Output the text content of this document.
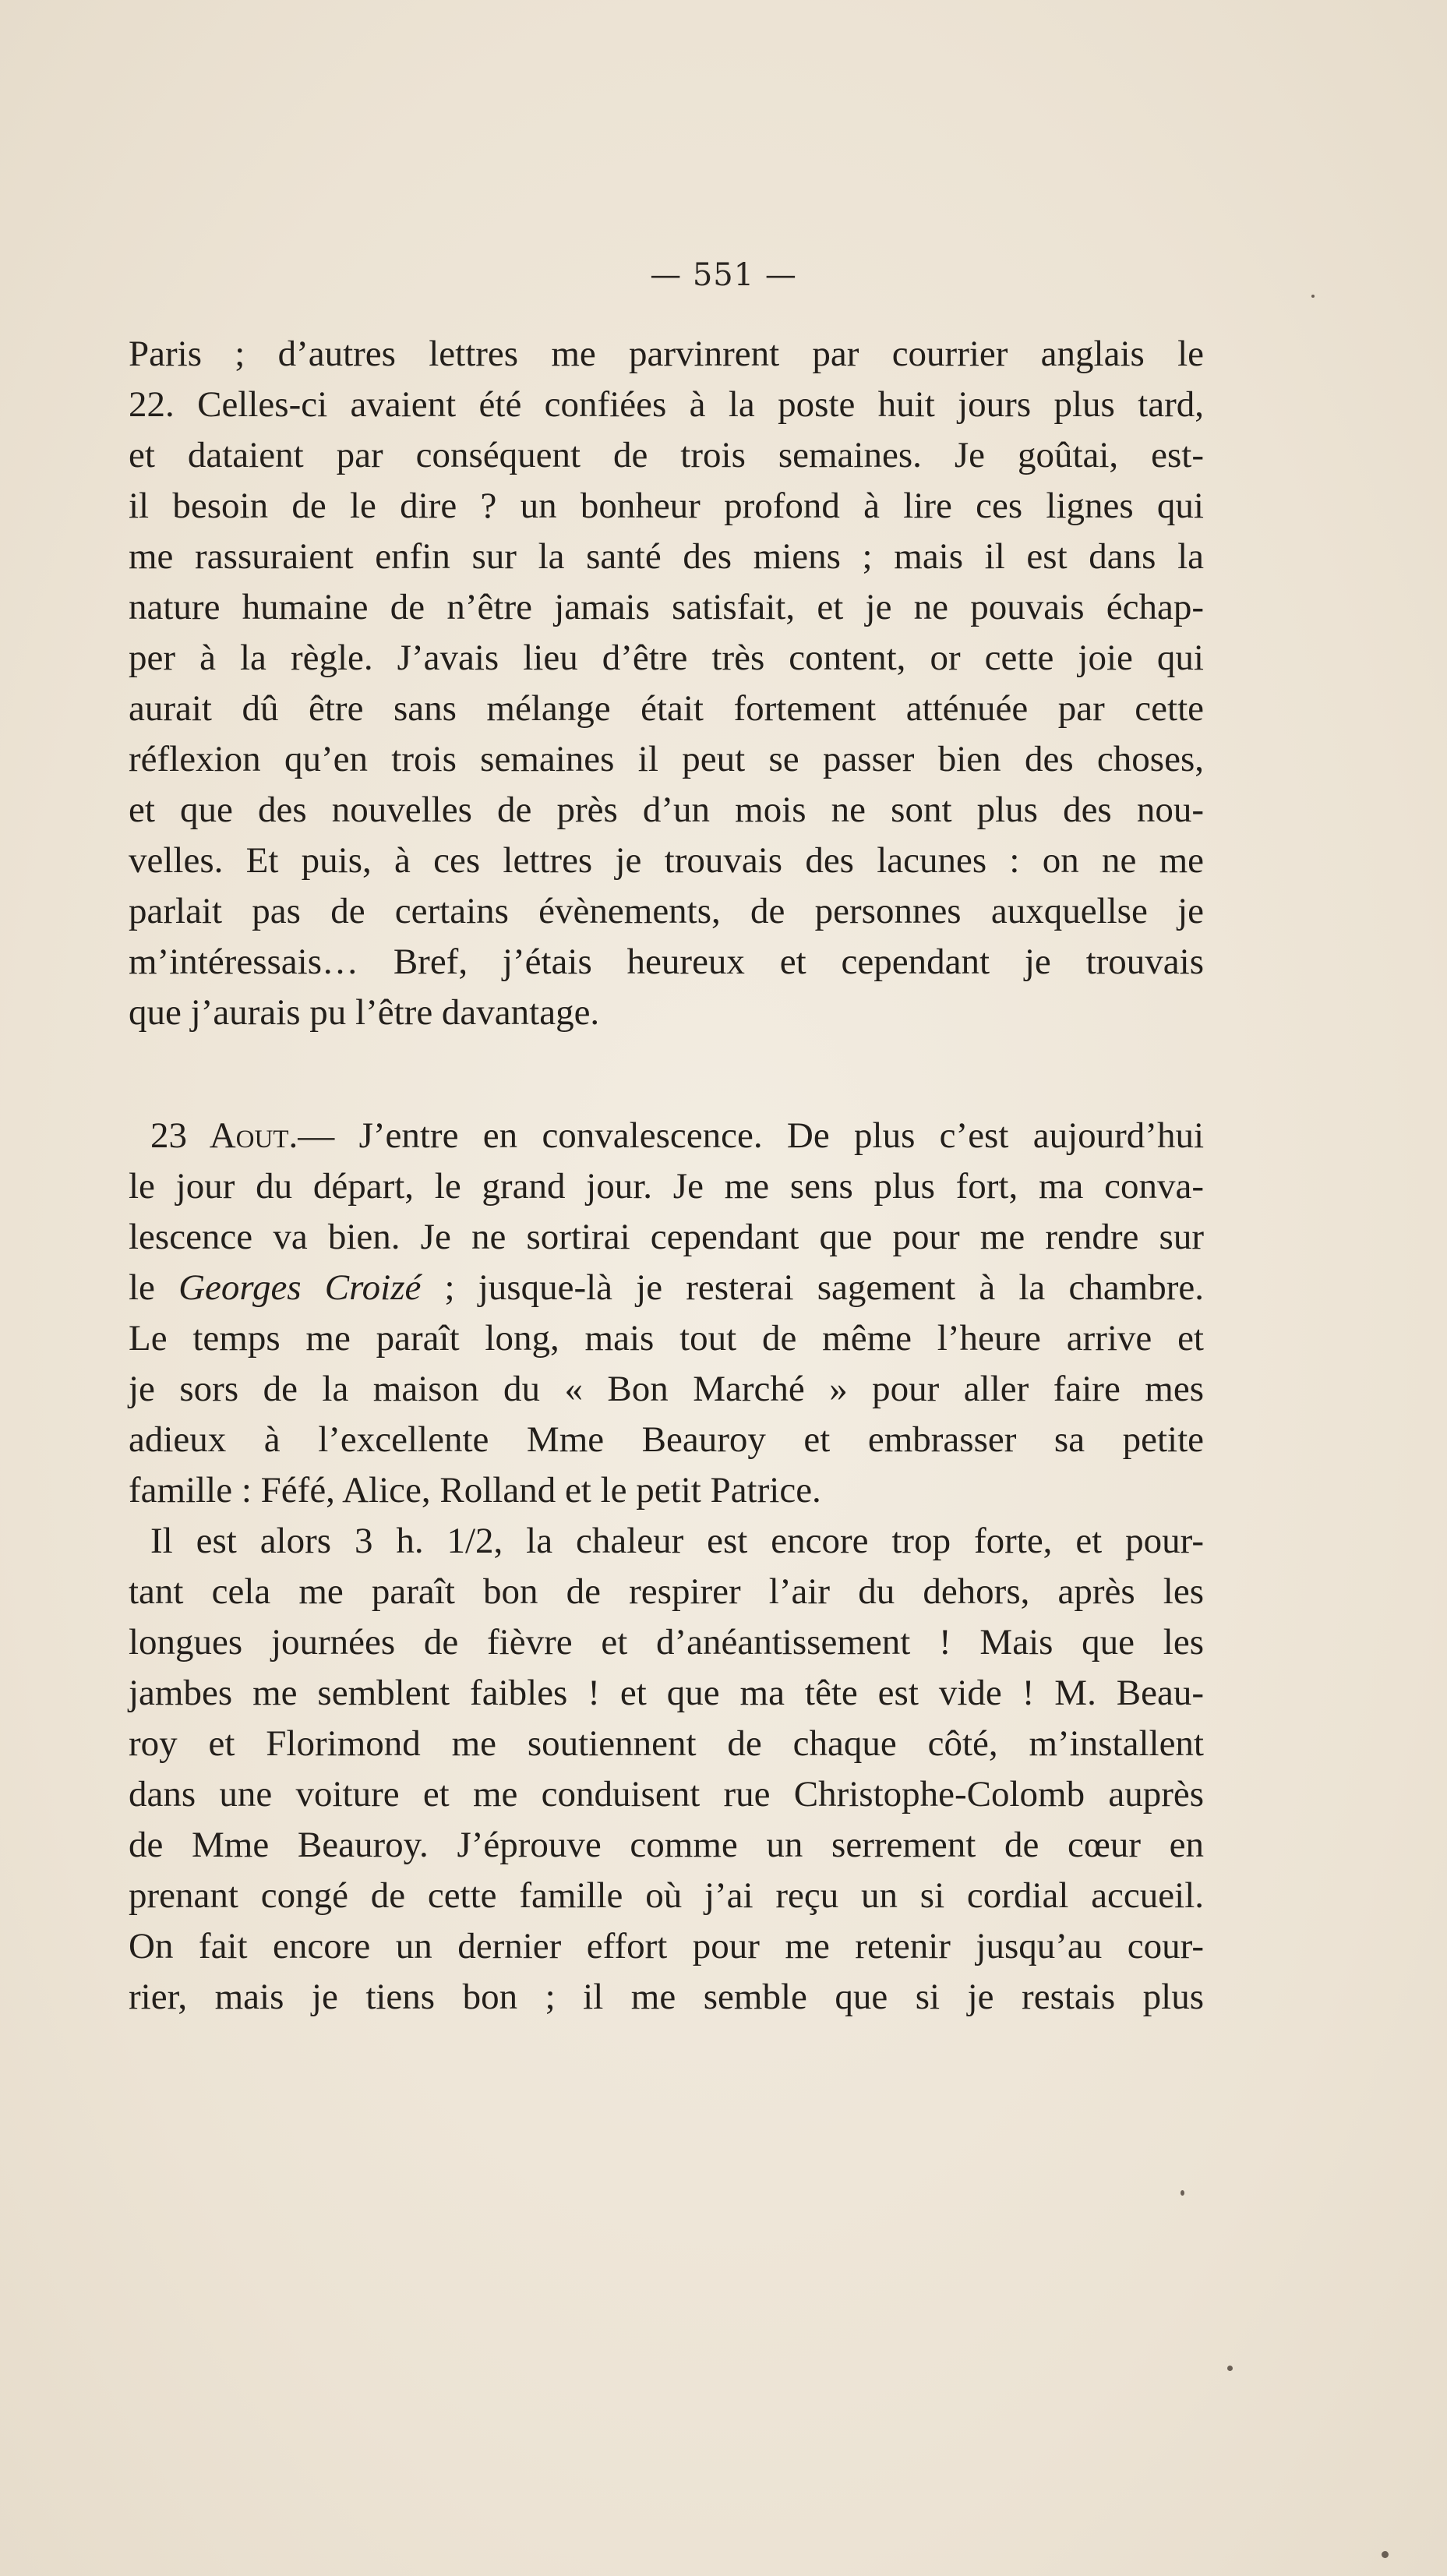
— 551 —
Paris ; d’autres lettres me parvinrent par courrier anglais le
22. Celles-ci avaient été confiées à la poste huit jours plus tard,
et dataient par conséquent de trois semaines. Je goûtai, est-
il besoin de le dire ? un bonheur profond à lire ces lignes qui
me rassuraient enfin sur la santé des miens ; mais il est dans la
nature humaine de n’être jamais satisfait, et je ne pouvais échap-
per à la règle. J’avais lieu d’être très content, or cette joie qui
aurait dû être sans mélange était fortement atténuée par cette
réflexion qu’en trois semaines il peut se passer bien des choses,
et que des nouvelles de près d’un mois ne sont plus des nou-
velles. Et puis, à ces lettres je trouvais des lacunes : on ne me
parlait pas de certains évènements, de personnes auxquellse je
m’intéressais… Bref, j’étais heureux et cependant je trouvais
que j’aurais pu l’être davantage.
23 Aout.— J’entre en convalescence. De plus c’est aujourd’hui
le jour du départ, le grand jour. Je me sens plus fort, ma conva-
lescence va bien. Je ne sortirai cependant que pour me rendre sur
le Georges Croizé ; jusque-là je resterai sagement à la chambre.
Le temps me paraît long, mais tout de même l’heure arrive et
je sors de la maison du « Bon Marché » pour aller faire mes
adieux à l’excellente Mme Beauroy et embrasser sa petite
famille : Féfé, Alice, Rolland et le petit Patrice.
Il est alors 3 h. 1/2, la chaleur est encore trop forte, et pour-
tant cela me paraît bon de respirer l’air du dehors, après les
longues journées de fièvre et d’anéantissement ! Mais que les
jambes me semblent faibles ! et que ma tête est vide ! M. Beau-
roy et Florimond me soutiennent de chaque côté, m’installent
dans une voiture et me conduisent rue Christophe-Colomb auprès
de Mme Beauroy. J’éprouve comme un serrement de cœur en
prenant congé de cette famille où j’ai reçu un si cordial accueil.
On fait encore un dernier effort pour me retenir jusqu’au cour-
rier, mais je tiens bon ; il me semble que si je restais plus
